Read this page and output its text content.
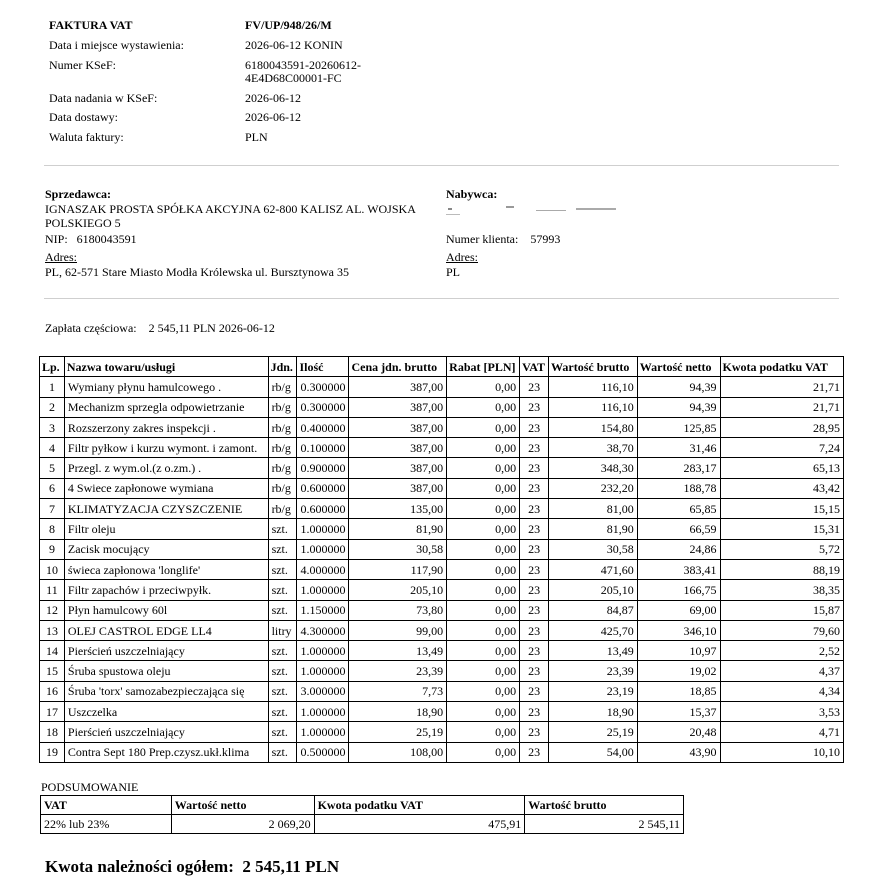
FAKTURA VAT	FV/UP/948/26/M
Data i miejsce wystawienia:	2026-06-12 KONIN
Numer KSeF:	6180043591-20260612-
4E4D68C00001-FC
Data nadania w KSeF:	2026-06-12
Data dostawy:	2026-06-12
Waluta faktury:	PLN
Sprzedawca:
IGNASZAK PROSTA SPÓŁKA AKCYJNA 62-800 KALISZ AL. WOJSKA
POLSKIEGO 5
NIP: 6180043591
Adres:
PL, 62-571 Stare Miasto Modła Królewska ul. Bursztynowa 35
Nabywca:
Numer klienta: 57993
Adres:
PL
Zapłata częściowa: 2 545,11 PLN 2026-06-12
Lp.	Nazwa towaru/usługi	Jdn.	Ilość	Cena jdn. brutto	Rabat [PLN]	VAT	Wartość brutto	Wartość netto	Kwota podatku VAT
1	Wymiany płynu hamulcowego .	rb/g	0.300000	387,00	0,00	23	116,10	94,39	21,71
2	Mechanizm sprzegla odpowietrzanie	rb/g	0.300000	387,00	0,00	23	116,10	94,39	21,71
3	Rozszerzony zakres inspekcji .	rb/g	0.400000	387,00	0,00	23	154,80	125,85	28,95
4	Filtr pyłkow i kurzu wymont. i zamont.	rb/g	0.100000	387,00	0,00	23	38,70	31,46	7,24
5	Przegl. z wym.ol.(z o.zm.) .	rb/g	0.900000	387,00	0,00	23	348,30	283,17	65,13
6	4 Swiece zapłonowe wymiana	rb/g	0.600000	387,00	0,00	23	232,20	188,78	43,42
7	KLIMATYZACJA CZYSZCZENIE	rb/g	0.600000	135,00	0,00	23	81,00	65,85	15,15
8	Filtr oleju	szt.	1.000000	81,90	0,00	23	81,90	66,59	15,31
9	Zacisk mocujący	szt.	1.000000	30,58	0,00	23	30,58	24,86	5,72
10	świeca zapłonowa 'longlife'	szt.	4.000000	117,90	0,00	23	471,60	383,41	88,19
11	Filtr zapachów i przeciwpyłk.	szt.	1.000000	205,10	0,00	23	205,10	166,75	38,35
12	Płyn hamulcowy 60l	szt.	1.150000	73,80	0,00	23	84,87	69,00	15,87
13	OLEJ CASTROL EDGE LL4	litry	4.300000	99,00	0,00	23	425,70	346,10	79,60
14	Pierścień uszczelniający	szt.	1.000000	13,49	0,00	23	13,49	10,97	2,52
15	Śruba spustowa oleju	szt.	1.000000	23,39	0,00	23	23,39	19,02	4,37
16	Śruba 'torx' samozabezpieczająca się	szt.	3.000000	7,73	0,00	23	23,19	18,85	4,34
17	Uszczelka	szt.	1.000000	18,90	0,00	23	18,90	15,37	3,53
18	Pierścień uszczelniający	szt.	1.000000	25,19	0,00	23	25,19	20,48	4,71
19	Contra Sept 180 Prep.czysz.ukł.klima	szt.	0.500000	108,00	0,00	23	54,00	43,90	10,10
PODSUMOWANIE
VAT	Wartość netto	Kwota podatku VAT	Wartość brutto
22% lub 23%	2 069,20	475,91	2 545,11
Kwota należności ogółem: 2 545,11 PLN
